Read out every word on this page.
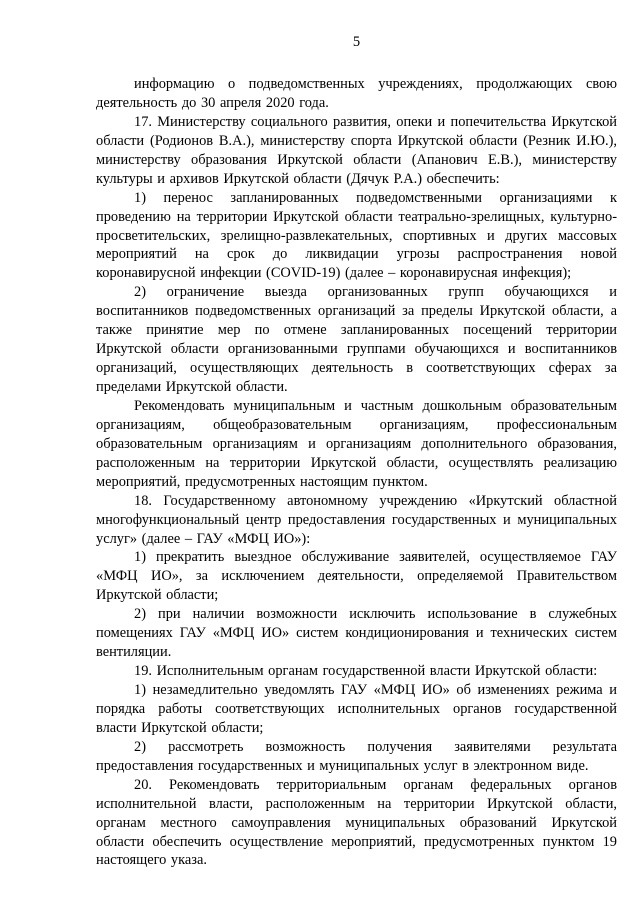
5

информацию о подведомственных учреждениях, продолжающих свою деятельность до 30 апреля 2020 года.

17. Министерству социального развития, опеки и попечительства Иркутской области (Родионов В.А.), министерству спорта Иркутской области (Резник И.Ю.), министерству образования Иркутской области (Апанович Е.В.), министерству культуры и архивов Иркутской области (Дячук Р.А.) обеспечить:

1) перенос запланированных подведомственными организациями к проведению на территории Иркутской области театрально-зрелищных, культурно-просветительских, зрелищно-развлекательных, спортивных и других массовых мероприятий на срок до ликвидации угрозы распространения новой коронавирусной инфекции (COVID-19) (далее – коронавирусная инфекция);

2) ограничение выезда организованных групп обучающихся и воспитанников подведомственных организаций за пределы Иркутской области, а также принятие мер по отмене запланированных посещений территории Иркутской области организованными группами обучающихся и воспитанников организаций, осуществляющих деятельность в соответствующих сферах за пределами Иркутской области.

Рекомендовать муниципальным и частным дошкольным образовательным организациям, общеобразовательным организациям, профессиональным образовательным организациям и организациям дополнительного образования, расположенным на территории Иркутской области, осуществлять реализацию мероприятий, предусмотренных настоящим пунктом.

18. Государственному автономному учреждению «Иркутский областной многофункциональный центр предоставления государственных и муниципальных услуг» (далее – ГАУ «МФЦ ИО»):

1) прекратить выездное обслуживание заявителей, осуществляемое ГАУ «МФЦ ИО», за исключением деятельности, определяемой Правительством Иркутской области;

2) при наличии возможности исключить использование в служебных помещениях ГАУ «МФЦ ИО» систем кондиционирования и технических систем вентиляции.

19. Исполнительным органам государственной власти Иркутской области:

1) незамедлительно уведомлять ГАУ «МФЦ ИО» об изменениях режима и порядка работы соответствующих исполнительных органов государственной власти Иркутской области;

2) рассмотреть возможность получения заявителями результата предоставления государственных и муниципальных услуг в электронном виде.

20. Рекомендовать территориальным органам федеральных органов исполнительной власти, расположенным на территории Иркутской области, органам местного самоуправления муниципальных образований Иркутской области обеспечить осуществление мероприятий, предусмотренных пунктом 19 настоящего указа.
